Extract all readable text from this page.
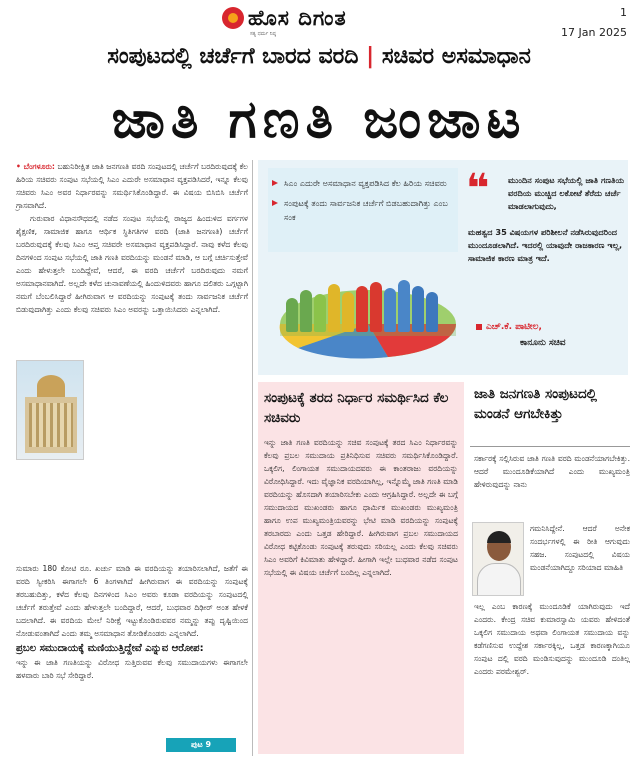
ಹೊಸ ದಿಗಂತ
ಸತ್ಯ ಧರ್ಮ ನಿಷ್ಠ
1
17 Jan 2025
ಸಂಪುಟದಲ್ಲಿ ಚರ್ಚೆಗೆ ಬಾರದ ವರದಿ | ಸಚಿವರ ಅಸಮಾಧಾನ
ಜಾತಿ ಗಣತಿ ಜಂಜಾಟ

• ಬೆಂಗಳೂರು: ಬಹುನಿರೀಕ್ಷಿತ ಜಾತಿ ಜನಗಣತಿ ವರದಿ ಸಂಪುಟದಲ್ಲಿ ಚರ್ಚೆಗೆ ಬರದಿರುವುದಕ್ಕೆ ಕೆಲ ಹಿರಿಯ ಸಚಿವರು ಸಂಪುಟ ಸಭೆಯಲ್ಲಿ ಸಿಎಂ ಎದುರೇ ಅಸಮಾಧಾನ ವ್ಯಕ್ತಪಡಿಸಿದರೆ, ಇನ್ನೂ ಕೆಲವು ಸಚಿವರು ಸಿಎಂ ಅವರ ನಿರ್ಧಾರವನ್ನು ಸಮರ್ಥಿಸಿಕೊಂಡಿದ್ದಾರೆ. ಈ ವಿಷಯ ಬಿಸಿಬಿಸಿ ಚರ್ಚೆಗೆ ಗ್ರಾಸವಾಗಿದೆ.

ಗುರುವಾರ ವಿಧಾನಸೌಧದಲ್ಲಿ ನಡೆದ ಸಂಪುಟ ಸಭೆಯಲ್ಲಿ ರಾಜ್ಯದ ಹಿಂದುಳಿದ ವರ್ಗಗಳ ಶೈಕ್ಷಣಿಕ, ಸಾಮಾಜಿಕ ಹಾಗೂ ಆರ್ಥಿಕ ಸ್ಥಿತಿಗತಿಗಳ ವರದಿ (ಜಾತಿ ಜನಗಣತಿ) ಚರ್ಚೆಗೆ ಬರದಿರುವುದಕ್ಕೆ ಕೆಲವು ಸಿಎಂ ಆಪ್ತ ಸಚಿವರೇ ಅಸಮಾಧಾನ ವ್ಯಕ್ತಪಡಿಸಿದ್ದಾರೆ. ನಾವು ಕಳೆದ ಕೆಲವು ದಿನಗಳಿಂದ ಸಂಪುಟ ಸಭೆಯಲ್ಲಿ ಜಾತಿ ಗಣತಿ ವರದಿಯನ್ನು ಮಂಡನೆ ಮಾಡಿ, ಆ ಬಗ್ಗೆ ಚರ್ಚಿಸುತ್ತೇವೆ ಎಂದು ಹೇಳುತ್ತಲೇ ಬಂದಿದ್ದೇವೆ, ಆದರೆ, ಈ ವರದಿ ಚರ್ಚೆಗೆ ಬರದಿರುವುದು ನಮಗೆ ಅಸಮಾಧಾನವಾಗಿದೆ. ಅಲ್ಲದೇ ಕಳೆದ ಚುನಾವಣೆಯಲ್ಲಿ ಹಿಂದುಳಿದವರು ಹಾಗೂ ದಲಿತರು ಒಗ್ಗಟ್ಟಾಗಿ ನಮಗೆ ಬೆಂಬಲಿಸಿದ್ದಾರೆ ಹೀಗಿರುವಾಗ ಆ ವರದಿಯನ್ನು ಸಂಪುಟಕ್ಕೆ ತಂದು ಸಾರ್ವಜನಿಕ ಚರ್ಚೆಗೆ ಬಿಡುವುದಾಗಿತ್ತು ಎಂದು ಕೆಲವು ಸಚಿವರು ಸಿಎಂ ಅವರನ್ನು ಒತ್ತಾಯಿಸಿದರು ಎನ್ನಲಾಗಿದೆ.

ಸುಮಾರು 180 ಕೋಟಿ ರೂ. ಖರ್ಚು ಮಾಡಿ ಈ ವರದಿಯನ್ನು ತಯಾರಿಸಲಾಗಿದೆ, ಜತೆಗೆ ಈ ವರದಿ ಸ್ವೀಕರಿಸಿ ಈಗಾಗಲೇ 6 ತಿಂಗಳಾಗಿದೆ ಹೀಗಿರುವಾಗ ಈ ವರದಿಯನ್ನು ಸಂಪುಟಕ್ಕೆ ತರಬಹುದಿತ್ತು, ಕಳೆದ ಕೆಲವು ದಿನಗಳಿಂದ ಸಿಎಂ ಅವರು ಕೂಡಾ ವರದಿಯನ್ನು ಸಂಪುಟದಲ್ಲಿ ಚರ್ಚೆಗೆ ತರುತ್ತೇವೆ ಎಂದು ಹೇಳುತ್ತಲೇ ಬಂದಿದ್ದಾರೆ, ಆದರೆ, ಬುಧವಾರ ದಿಢೀರ್ ಅಂತ ಹೇಳಕೆ ಬದಲಾಗಿದೆ. ಈ ವರದಿಯ ಮೇಲೆ ನಿರೀಕ್ಷೆ ಇಟ್ಟುಕೊಂಡಿರುವವರ ನಮ್ಮನ್ನು ತಪ್ಪು ದೃಷ್ಟಿಯಿಂದ ನೋಡುವಂತಾಗಿದೆ ಎಂದು ತಮ್ಮ ಅಸಮಾಧಾನ ತೋಡಿಕೊಂಡರು ಎನ್ನಲಾಗಿದೆ.

ಪ್ರಬಲ ಸಮುದಾಯಕ್ಕೆ ಮಣಿಯುತ್ತಿದ್ದೇವೆ ಎನ್ನುವ ಆರೋಪ:

ಇನ್ನು ಈ ಜಾತಿ ಗಣತಿಯನ್ನು ವಿರೋಧ ಸುತ್ತಿರುವವ ಕೆಲವು ಸಮುದಾಯಗಳು ಈಗಾಗಲೇ ಹಳವಾರು ಬಾರಿ ಸಭೆ ಸೇರಿದ್ದಾರೆ.

ಪುಟ 9
ಸಿಎಂ ಎದುರೇ ಅಸಮಾಧಾನ ವ್ಯಕ್ತಪಡಿಸಿದ ಕೆಲ ಹಿರಿಯ ಸಚಿವರು
ಸಂಪುಟಕ್ಕೆ ತಂದು ಸಾರ್ವಜನಿಕ ಚರ್ಚೆಗೆ ಬಿಡಬಹುದಾಗಿತ್ತು ಎಂಬ ಸಂಕ
❝ ಮುಂದಿನ ಸಂಪುಟ ಸಭೆಯಲ್ಲಿ ಜಾತಿ ಗಣತಿಯ ವರದಿಯ ಮುಚ್ಚಿದ ಲಕೋಟೆ ತೆರೆದು ಚರ್ಚೆ ಮಾಡಲಾಗುವುದು,
ಮಹತ್ವದ 35 ವಿಷಯಗಳ ಪರಿಶೀಲನೆ ನಡೆಸಿರುವುದರಿಂದ ಮುಂದೂಡಲಾಗಿದೆ. ಇದರಲ್ಲಿ ಯಾವುದೇ ರಾಜಕಾರಣ ಇಲ್ಲ, ಸಾಮಾಜಿಕ ಕಾರಣ ಮಾತ್ರ ಇದೆ.
ಎಚ್.ಕೆ. ಪಾಟೀಲ,
ಕಾನೂನು ಸಚಿವ
ಸಂಪುಟಕ್ಕೆ ತರದ ನಿರ್ಧಾರ ಸಮರ್ಥಿಸಿದ ಕೆಲ ಸಚಿವರು
ಇನ್ನು ಜಾತಿ ಗಣತಿ ವರದಿಯನ್ನು ಸಚಿವ ಸಂಪುಟಕ್ಕೆ ತರದ ಸಿಎಂ ನಿರ್ಧಾರವನ್ನು ಕೆಲವು ಪ್ರಬಲ ಸಮುದಾಯ ಪ್ರತಿನಿಧಿಸುವ ಸಚಿವರು ಸಮರ್ಥಿಸಿಕೊಂಡಿದ್ದಾರೆ. ಒಕ್ಕಲಿಗ, ಲಿಂಗಾಯತ ಸಮುದಾಯದವರು ಈ ಕಾಂತರಾಜು ವರದಿಯನ್ನು ವಿರೋಧಿಸಿದ್ದಾರೆ. ಇದು ವೈಜ್ಞಾನಿಕ ವರದಿಯಾಗಿಲ್ಲ, ಇನ್ನೊಮ್ಮೆ ಜಾತಿ ಗಣತಿ ಮಾಡಿ ವರದಿಯನ್ನು ಹೊಸದಾಗಿ ತಯಾರಿಸಬೇಕು ಎಂದು ಆಗ್ರಹಿಸಿದ್ದಾರೆ. ಅಲ್ಲದೇ ಈ ಬಗ್ಗೆ ಸಮುದಾಯದ ಮುಖಂಡರು ಹಾಗೂ ಧಾರ್ಮಿಕ ಮುಖಂಡರು ಮುಖ್ಯಮಂತ್ರಿ ಹಾಗೂ ಉಪ ಮುಖ್ಯಮಂತ್ರಿಯವರನ್ನು ಭೇಟಿ ಮಾಡಿ ವರದಿಯನ್ನು ಸಂಪುಟಕ್ಕೆ ತರಬಾರದು ಎಂದು ಒತ್ತಡ ಹೇರಿದ್ದಾರೆ. ಹೀಗಿರುವಾಗ ಪ್ರಬಲ ಸಮುದಾಯದ ವಿರೋಧ ಕಟ್ಟಿಕೊಂಡು ಸಂಪುಟಕ್ಕೆ ತರುವುದು ಸರಿಯಲ್ಲ ಎಂದು ಕೆಲವು ಸಚಿವರು ಸಿಎಂ ಅವರಿಗೆ ಕಿವಿಮಾತು ಹೇಳಿದ್ದಾರೆ. ಹೀಗಾಗಿ ಇಲ್ಲೇ ಬುಧವಾರ ನಡೆದ ಸಂಪುಟ ಸಭೆಯಲ್ಲಿ ಈ ವಿಷಯ ಚರ್ಚೆಗೆ ಬಂದಿಲ್ಲ ಎನ್ನಲಾಗಿದೆ.
ಜಾತಿ ಜನಗಣತಿ ಸಂಪುಟದಲ್ಲಿ ಮಂಡನೆ ಆಗಬೇಕಿತ್ತು
ಸರ್ಕಾರಕ್ಕೆ ಸಲ್ಲಿಸಿರುವ ಜಾತಿ ಗಣತಿ ವರದಿ ಮಂಡನೆಯಾಗಬೇಕಿತ್ತು. ಆದರೆ ಮುಂದೂಡಿಕೆಯಾಗಿದೆ ಎಂದು ಮುಖ್ಯಮಂತ್ರಿ ಹೇಳಿರುವುದನ್ನು ನಾನು
ಗಮನಿಸಿದ್ದೇನೆ. ಆದರೆ ಅನೇಕ ಸಂದರ್ಭಗಳಲ್ಲಿ ಈ ರೀತಿ ಆಗುವುದು ಸಹಜ. ಸಂಪುಟದಲ್ಲಿ ವಿಷಯ ಮಂಡನೆಯಾಗಿದ್ದೂ ಸರಿಯಾದ ಮಾಹಿತಿ
ಇಲ್ಲ ಎಂಬ ಕಾರಣಕ್ಕೆ ಮುಂದೂಡಿಕೆ ಯಾಗಿರುವುದು ಇದೆ ಎಂದರು. ಕೇಂದ್ರ ಸಚಿವ ಕುಮಾರಸ್ವಾಮಿ ಯವರು ಹೇಳಿದಂತೆ ಒಕ್ಕಲಿಗ ಸಮುದಾಯ ಅಥವಾ ಲಿಂಗಾಯತ ಸಮುದಾಯ ವನ್ನು ಕಡೆಗಣಿಸುವ ಉದ್ದೇಶ ಸರ್ಕಾರಕ್ಕಿಲ್ಲ, ಒತ್ತಡ ಕಾರಣಕ್ಕಾಗಿಯೂ ಸಂಪುಟ ದಲ್ಲಿ ವರದಿ ಮಂಡಿಸುವುದನ್ನು ಮುಂದೂಡಿ ದಂತಿಲ್ಲ ಎಂದರು ಪರಮೇಶ್ವರ್.
